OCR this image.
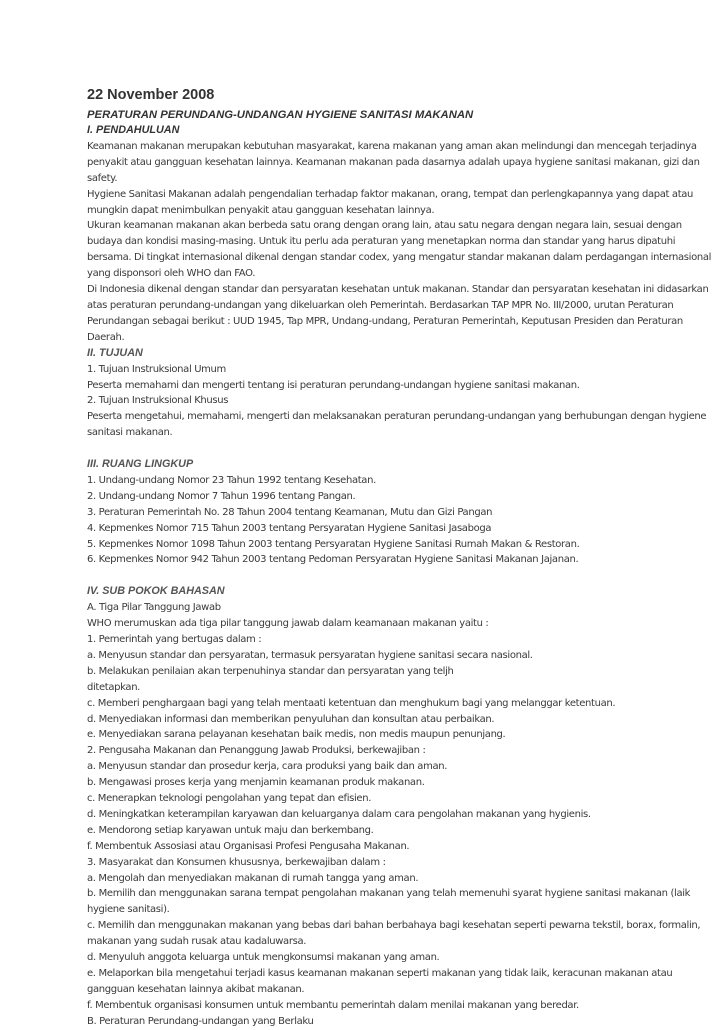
22 November 2008
PERATURAN PERUNDANG-UNDANGAN HYGIENE SANITASI MAKANAN

I. PENDAHULUAN

Keamanan makanan merupakan kebutuhan masyarakat, karena makanan yang aman akan melindungi dan mencegah terjadinya

penyakit atau gangguan kesehatan lainnya. Keamanan makanan pada dasarnya adalah upaya hygiene sanitasi makanan, gizi dan

safety.

Hygiene Sanitasi Makanan adalah pengendalian terhadap faktor makanan, orang, tempat dan perlengkapannya yang dapat atau

mungkin dapat menimbulkan penyakit atau gangguan kesehatan lainnya.

Ukuran keamanan makanan akan berbeda satu orang dengan orang lain, atau satu negara dengan negara lain, sesuai dengan

budaya dan kondisi masing-masing. Untuk itu perlu ada peraturan yang menetapkan norma dan standar yang harus dipatuhi

bersama. Di tingkat internasional dikenal dengan standar codex, yang mengatur standar makanan dalam perdagangan internasional

yang disponsori oleh WHO dan FAO.

Di Indonesia dikenal dengan standar dan persyaratan kesehatan untuk makanan. Standar dan persyaratan kesehatan ini didasarkan

atas peraturan perundang-undangan yang dikeluarkan oleh Pemerintah. Berdasarkan TAP MPR No. III/2000, urutan Peraturan

Perundangan sebagai berikut : UUD 1945, Tap MPR, Undang-undang, Peraturan Pemerintah, Keputusan Presiden dan Peraturan

Daerah.

II. TUJUAN

1. Tujuan Instruksional Umum

Peserta memahami dan mengerti tentang isi peraturan perundang-undangan hygiene sanitasi makanan.

2. Tujuan Instruksional Khusus

Peserta mengetahui, memahami, mengerti dan melaksanakan peraturan perundang-undangan yang berhubungan dengan hygiene

sanitasi makanan.

III. RUANG LINGKUP

1. Undang-undang Nomor 23 Tahun 1992 tentang Kesehatan.

2. Undang-undang Nomor 7 Tahun 1996 tentang Pangan.

3. Peraturan Pemerintah No. 28 Tahun 2004 tentang Keamanan, Mutu dan Gizi Pangan

4. Kepmenkes Nomor 715 Tahun 2003 tentang Persyaratan Hygiene Sanitasi Jasaboga

5. Kepmenkes Nomor 1098 Tahun 2003 tentang Persyaratan Hygiene Sanitasi Rumah Makan & Restoran.

6. Kepmenkes Nomor 942 Tahun 2003 tentang Pedoman Persyaratan Hygiene Sanitasi Makanan Jajanan.

IV. SUB POKOK BAHASAN

A. Tiga Pilar Tanggung Jawab

WHO merumuskan ada tiga pilar tanggung jawab dalam keamanaan makanan yaitu :

1. Pemerintah yang bertugas dalam :

a. Menyusun standar dan persyaratan, termasuk persyaratan hygiene sanitasi secara nasional.

b. Melakukan penilaian akan terpenuhinya standar dan persyaratan yang teljh

ditetapkan.

c. Memberi penghargaan bagi yang telah mentaati ketentuan dan menghukum bagi yang melanggar ketentuan.

d. Menyediakan informasi dan memberikan penyuluhan dan konsultan atau perbaikan.

e. Menyediakan sarana pelayanan kesehatan baik medis, non medis maupun penunjang.

2. Pengusaha Makanan dan Penanggung Jawab Produksi, berkewajiban :

a. Menyusun standar dan prosedur kerja, cara produksi yang baik dan aman.

b. Mengawasi proses kerja yang menjamin keamanan produk makanan.

c. Menerapkan teknologi pengolahan yang tepat dan efisien.

d. Meningkatkan keterampilan karyawan dan keluarganya dalam cara pengolahan makanan yang hygienis.

e. Mendorong setiap karyawan untuk maju dan berkembang.

f. Membentuk Assosiasi atau Organisasi Profesi Pengusaha Makanan.

3. Masyarakat dan Konsumen khususnya, berkewajiban dalam :

a. Mengolah dan menyediakan makanan di rumah tangga yang aman.

b. Memilih dan menggunakan sarana tempat pengolahan makanan yang telah memenuhi syarat hygiene sanitasi makanan (laik

hygiene sanitasi).

c. Memilih dan menggunakan makanan yang bebas dari bahan berbahaya bagi kesehatan seperti pewarna tekstil, borax, formalin,

makanan yang sudah rusak atau kadaluwarsa.

d. Menyuluh anggota keluarga untuk mengkonsumsi makanan yang aman.

e. Melaporkan bila mengetahui terjadi kasus keamanan makanan seperti makanan yang tidak laik, keracunan makanan atau

gangguan kesehatan lainnya akibat makanan.

f. Membentuk organisasi konsumen untuk membantu pemerintah dalam menilai makanan yang beredar.

B. Peraturan Perundang-undangan yang Berlaku
